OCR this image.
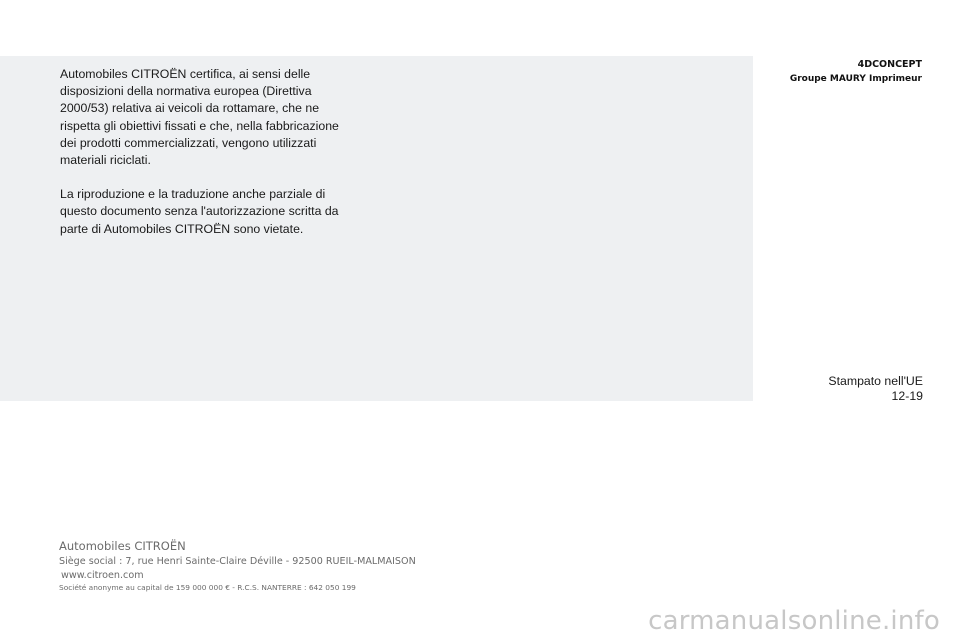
Automobiles CITROËN certifica, ai sensi delle disposizioni della normativa europea (Direttiva 2000/53) relativa ai veicoli da rottamare, che ne rispetta gli obiettivi fissati e che, nella fabbricazione dei prodotti commercializzati, vengono utilizzati materiali riciclati.

La riproduzione e la traduzione anche parziale di questo documento senza l'autorizzazione scritta da parte di Automobiles CITROËN sono vietate.

4DCONCEPT
Groupe MAURY Imprimeur
Stampato nell'UE
12-19
Automobiles CITROËN
Siège social : 7, rue Henri Sainte-Claire Déville - 92500 RUEIL-MALMAISON
www.citroen.com
Société anonyme au capital de 159 000 000 € - R.C.S. NANTERRE : 642 050 199
carmanualsonline.info
